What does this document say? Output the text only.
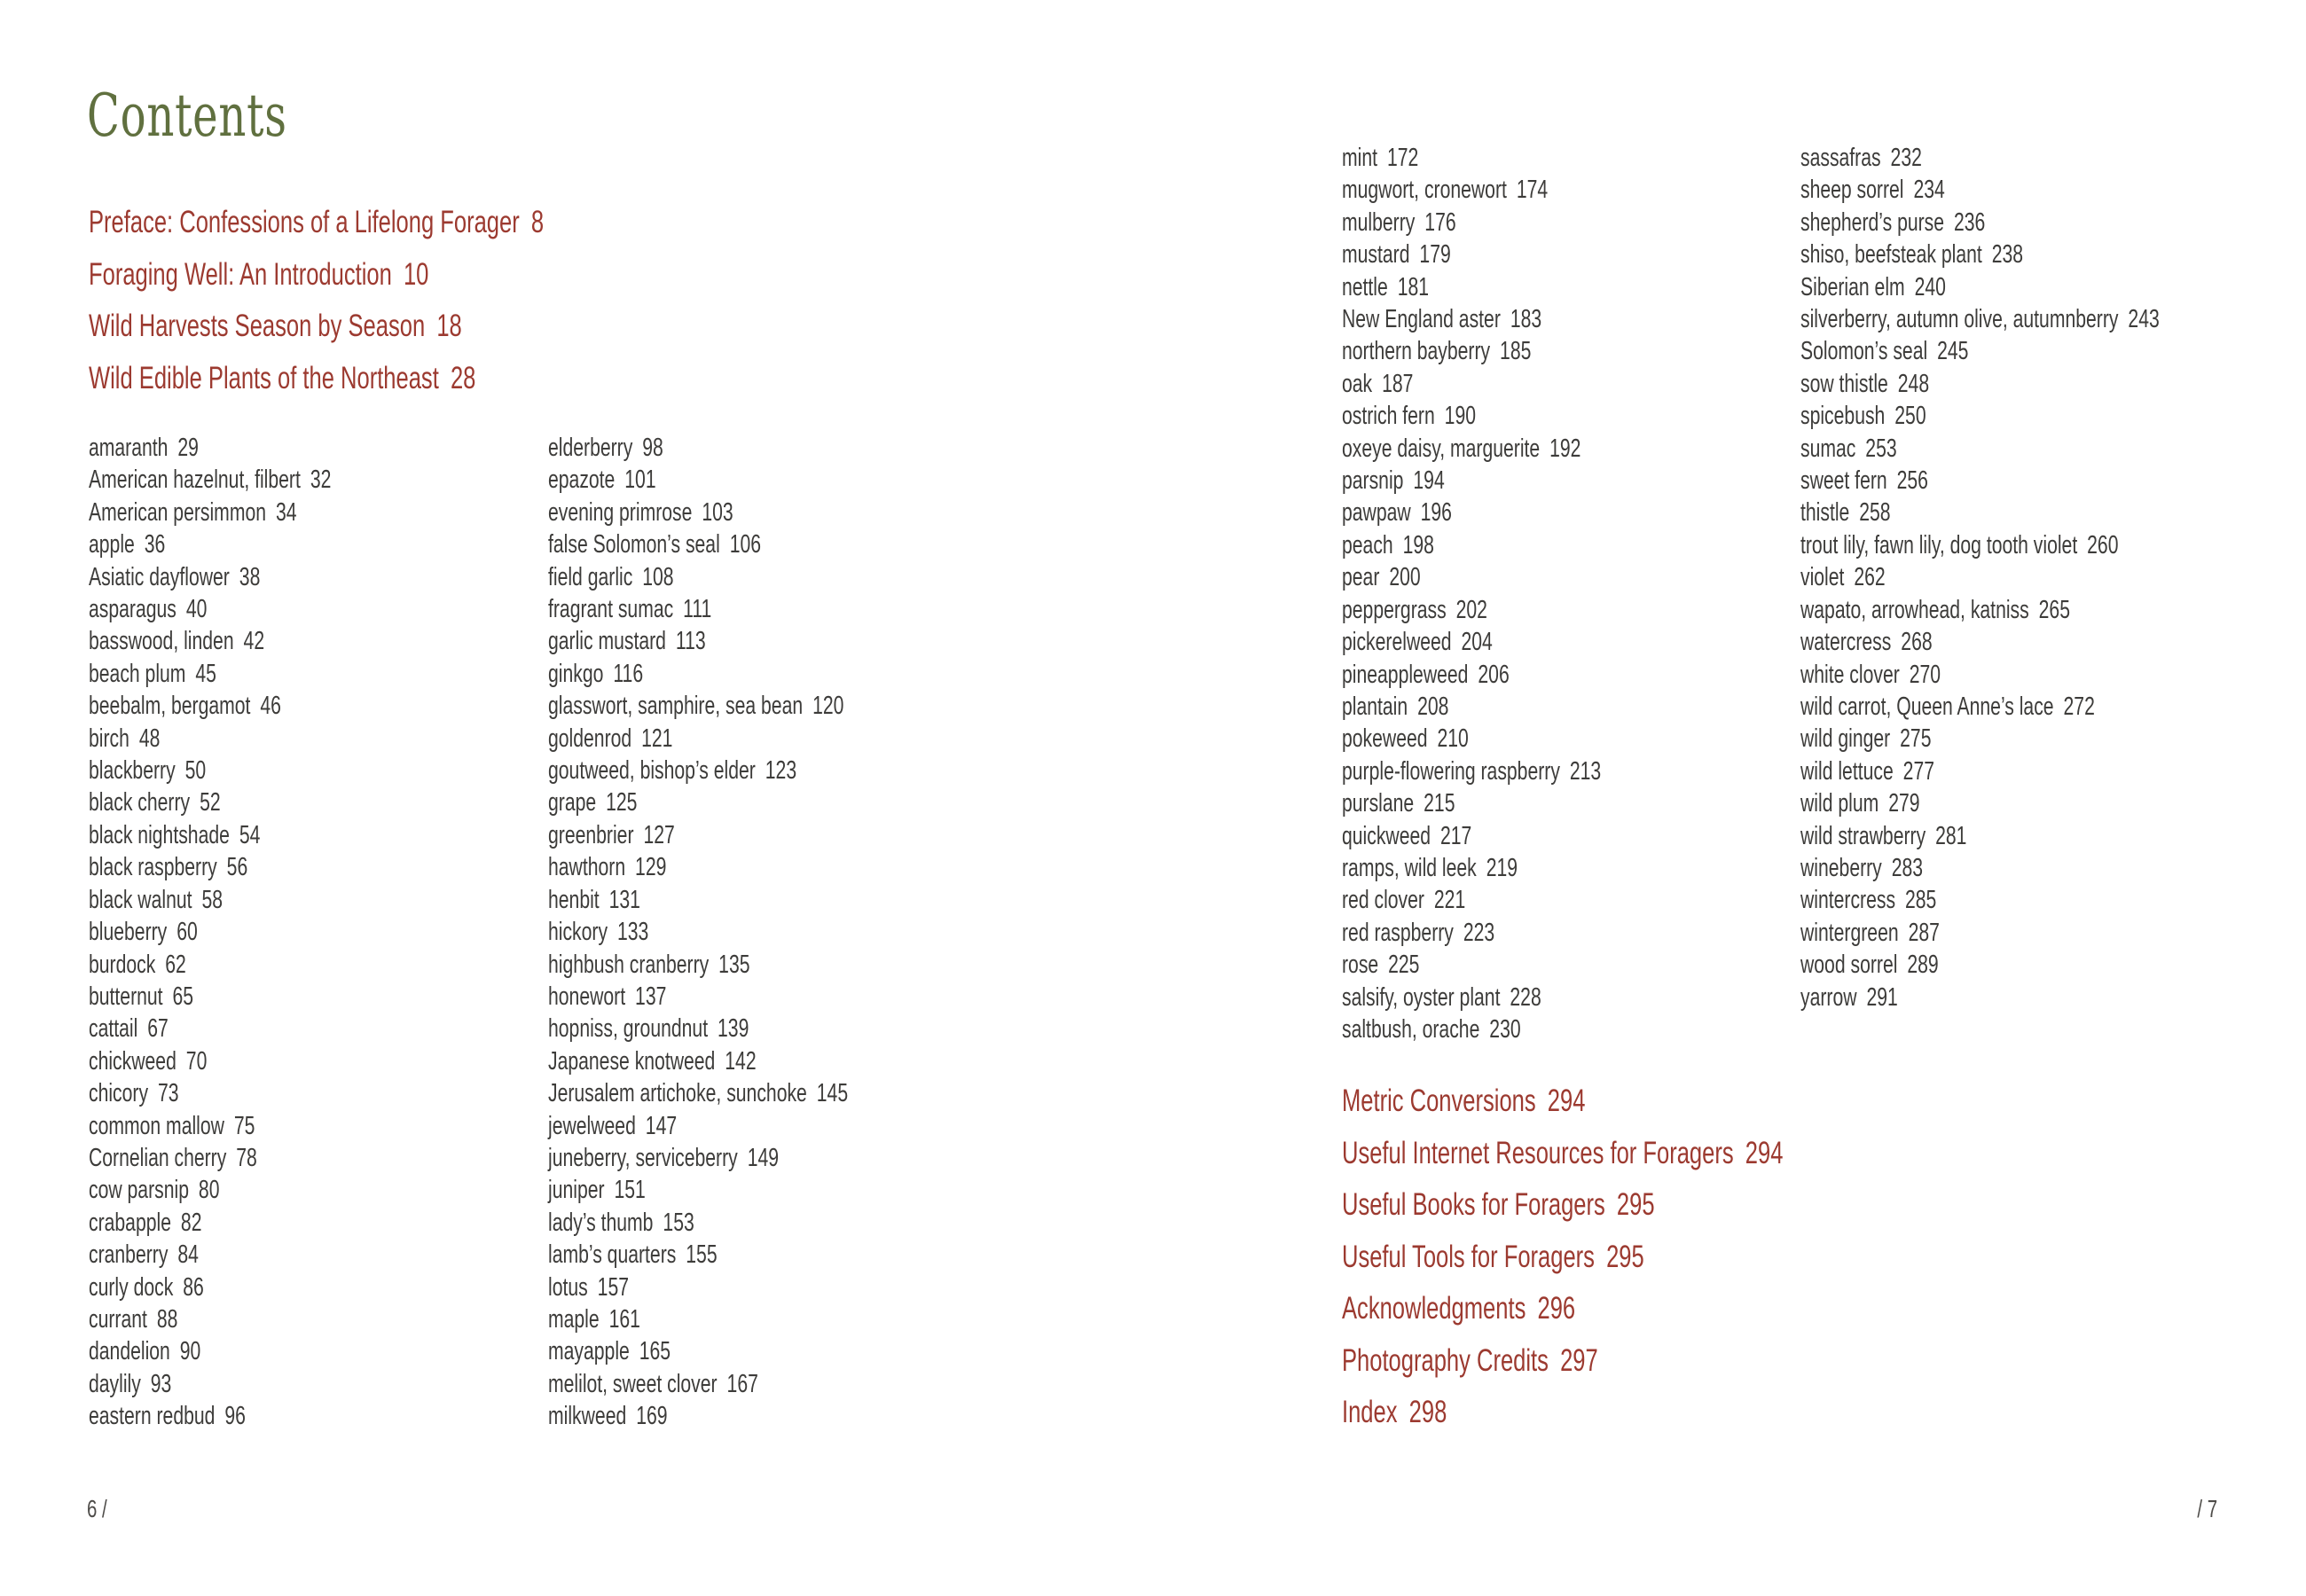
Contents
Preface: Confessions of a Lifelong Forager 8
Foraging Well: An Introduction 10
Wild Harvests Season by Season 18
Wild Edible Plants of the Northeast 28
amaranth 29
American hazelnut, filbert 32
American persimmon 34
apple 36
Asiatic dayflower 38
asparagus 40
basswood, linden 42
beach plum 45
beebalm, bergamot 46
birch 48
blackberry 50
black cherry 52
black nightshade 54
black raspberry 56
black walnut 58
blueberry 60
burdock 62
butternut 65
cattail 67
chickweed 70
chicory 73
common mallow 75
Cornelian cherry 78
cow parsnip 80
crabapple 82
cranberry 84
curly dock 86
currant 88
dandelion 90
daylily 93
eastern redbud 96
elderberry 98
epazote 101
evening primrose 103
false Solomon’s seal 106
field garlic 108
fragrant sumac 111
garlic mustard 113
ginkgo 116
glasswort, samphire, sea bean 120
goldenrod 121
goutweed, bishop’s elder 123
grape 125
greenbrier 127
hawthorn 129
henbit 131
hickory 133
highbush cranberry 135
honewort 137
hopniss, groundnut 139
Japanese knotweed 142
Jerusalem artichoke, sunchoke 145
jewelweed 147
juneberry, serviceberry 149
juniper 151
lady’s thumb 153
lamb’s quarters 155
lotus 157
maple 161
mayapple 165
melilot, sweet clover 167
milkweed 169
mint 172
mugwort, cronewort 174
mulberry 176
mustard 179
nettle 181
New England aster 183
northern bayberry 185
oak 187
ostrich fern 190
oxeye daisy, marguerite 192
parsnip 194
pawpaw 196
peach 198
pear 200
peppergrass 202
pickerelweed 204
pineappleweed 206
plantain 208
pokeweed 210
purple-flowering raspberry 213
purslane 215
quickweed 217
ramps, wild leek 219
red clover 221
red raspberry 223
rose 225
salsify, oyster plant 228
saltbush, orache 230
sassafras 232
sheep sorrel 234
shepherd’s purse 236
shiso, beefsteak plant 238
Siberian elm 240
silverberry, autumn olive, autumnberry 243
Solomon’s seal 245
sow thistle 248
spicebush 250
sumac 253
sweet fern 256
thistle 258
trout lily, fawn lily, dog tooth violet 260
violet 262
wapato, arrowhead, katniss 265
watercress 268
white clover 270
wild carrot, Queen Anne’s lace 272
wild ginger 275
wild lettuce 277
wild plum 279
wild strawberry 281
wineberry 283
wintercress 285
wintergreen 287
wood sorrel 289
yarrow 291
Metric Conversions 294
Useful Internet Resources for Foragers 294
Useful Books for Foragers 295
Useful Tools for Foragers 295
Acknowledgments 296
Photography Credits 297
Index 298
6 /	/ 7
